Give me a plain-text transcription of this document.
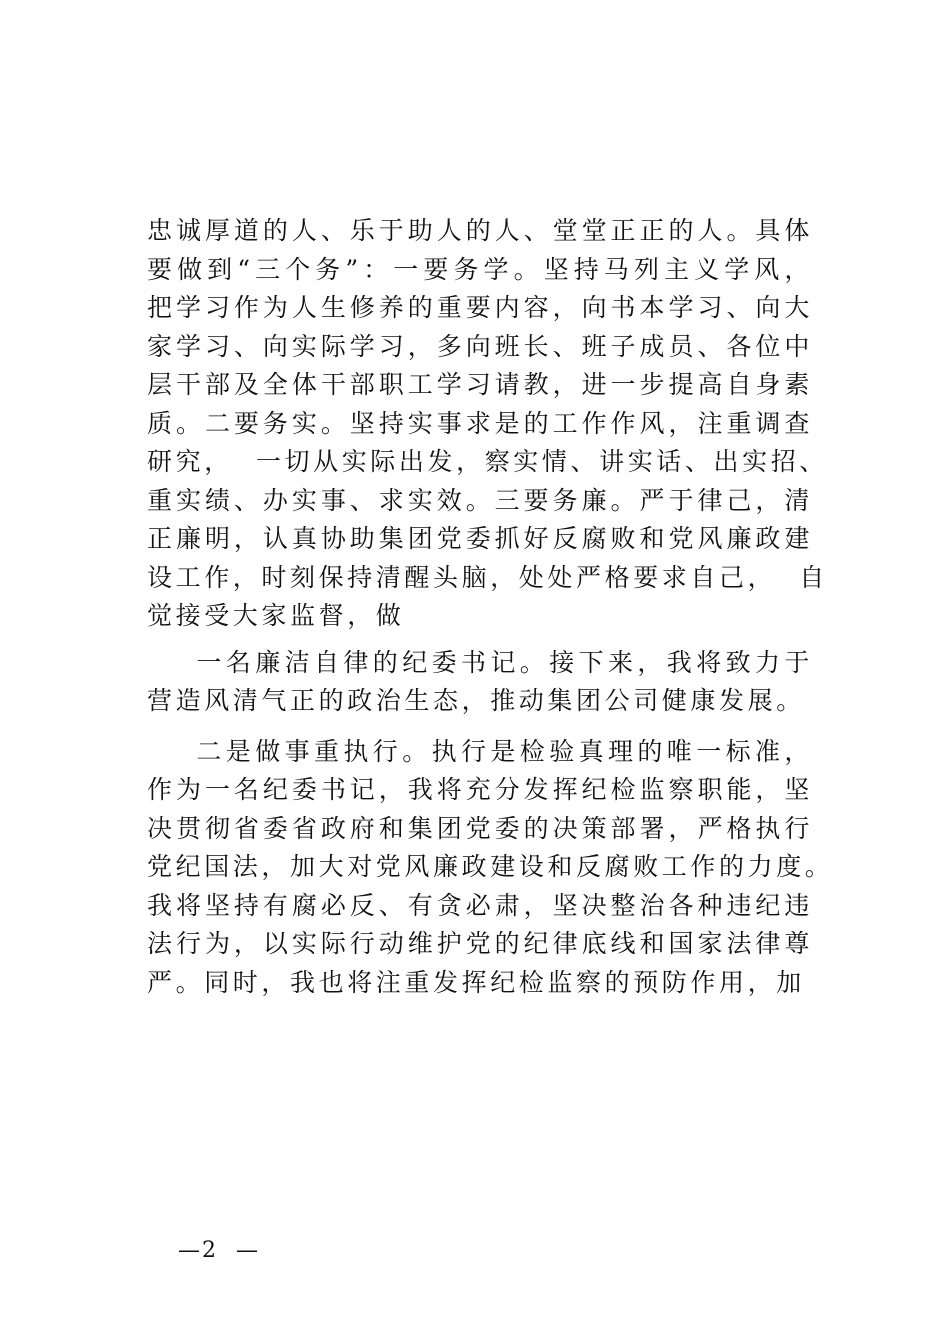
忠诚厚道的人、乐于助人的人、堂堂正正的人。具体
要做到“三个务”：一要务学。坚持马列主义学风，
把学习作为人生修养的重要内容，向书本学习、向大
家学习、向实际学习，多向班长、班子成员、各位中
层干部及全体干部职工学习请教，进一步提高自身素
质。二要务实。坚持实事求是的工作作风，注重调查
研究，  一切从实际出发，察实情、讲实话、出实招、
重实绩、办实事、求实效。三要务廉。严于律己，清
正廉明，认真协助集团党委抓好反腐败和党风廉政建
设工作，时刻保持清醒头脑，处处严格要求自己，  自
觉接受大家监督，做
一名廉洁自律的纪委书记。接下来，我将致力于
营造风清气正的政治生态，推动集团公司健康发展。
二是做事重执行。执行是检验真理的唯一标准，
作为一名纪委书记，我将充分发挥纪检监察职能，坚
决贯彻省委省政府和集团党委的决策部署，严格执行
党纪国法，加大对党风廉政建设和反腐败工作的力度。
我将坚持有腐必反、有贪必肃，坚决整治各种违纪违
法行为，以实际行动维护党的纪律底线和国家法律尊
严。同时，我也将注重发挥纪检监察的预防作用，加
—2  —
